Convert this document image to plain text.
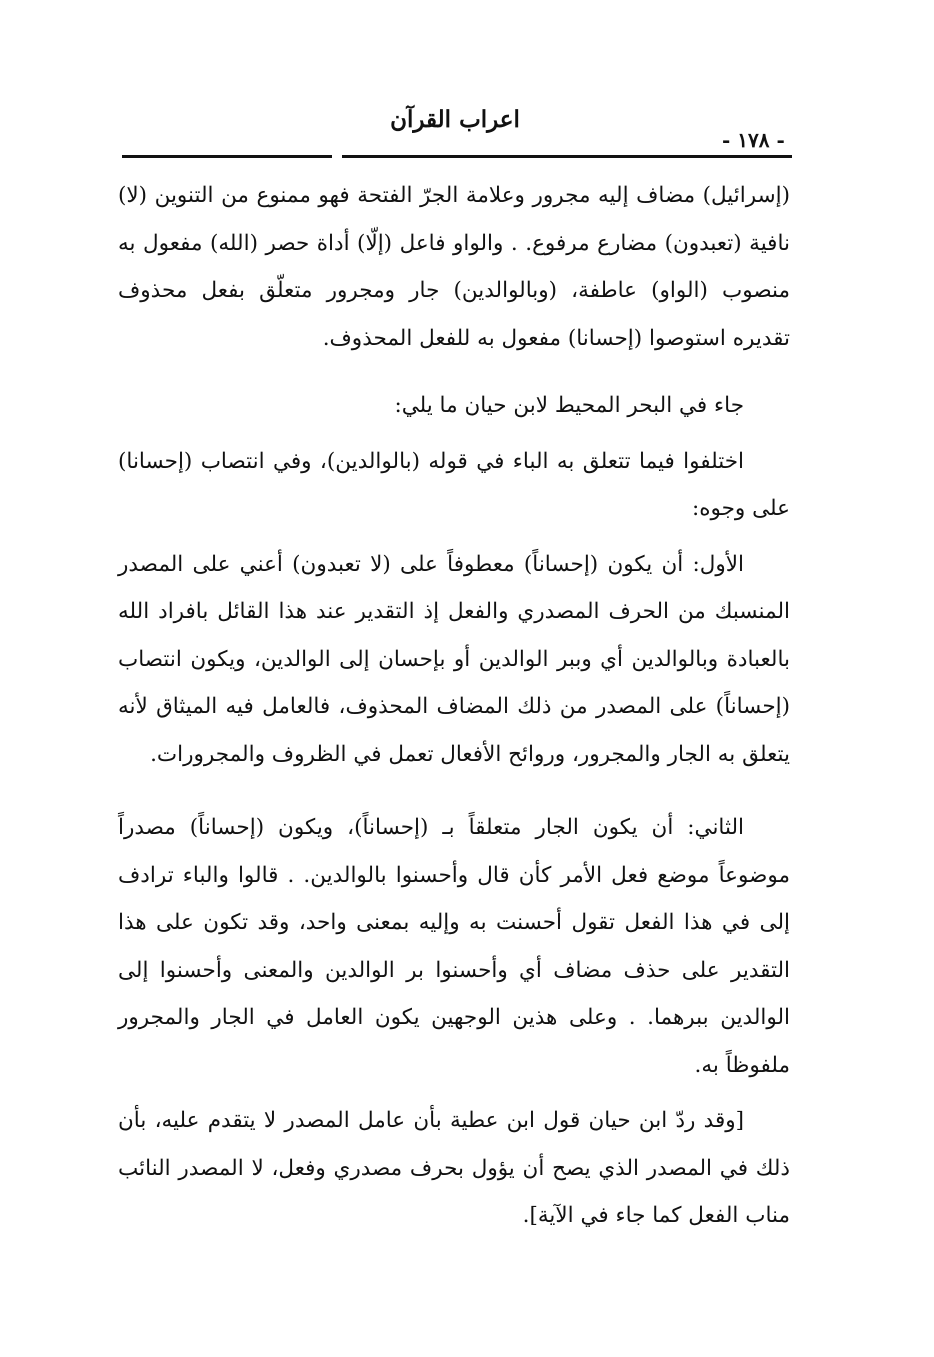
اعراب القرآن
- ١٧٨ -

(إسرائيل) مضاف إليه مجرور وعلامة الجرّ الفتحة فهو ممنوع من التنوين (لا) نافية (تعبدون) مضارع مرفوع. . والواو فاعل (إلّا) أداة حصر (الله) مفعول به منصوب (الواو) عاطفة، (وبالوالدين) جار ومجرور متعلّق بفعل محذوف تقديره استوصوا (إحسانا) مفعول به للفعل المحذوف.

جاء في البحر المحيط لابن حيان ما يلي:

اختلفوا فيما تتعلق به الباء في قوله (بالوالدين)، وفي انتصاب (إحسانا) على وجوه:

الأول: أن يكون (إحساناً) معطوفاً على (لا تعبدون) أعني على المصدر المنسبك من الحرف المصدري والفعل إذ التقدير عند هذا القائل بافراد الله بالعبادة وبالوالدين أي وببر الوالدين أو بإحسان إلى الوالدين، ويكون انتصاب (إحساناً) على المصدر من ذلك المضاف المحذوف، فالعامل فيه الميثاق لأنه يتعلق به الجار والمجرور، وروائح الأفعال تعمل في الظروف والمجرورات.

الثاني: أن يكون الجار متعلقاً بـ (إحساناً)، ويكون (إحساناً) مصدراً موضوعاً موضع فعل الأمر كأن قال وأحسنوا بالوالدين. . قالوا والباء ترادف إلى في هذا الفعل تقول أحسنت به وإليه بمعنى واحد، وقد تكون على هذا التقدير على حذف مضاف أي وأحسنوا بر الوالدين والمعنى وأحسنوا إلى الوالدين ببرهما. . وعلى هذين الوجهين يكون العامل في الجار والمجرور ملفوظاً به.

[وقد ردّ ابن حيان قول ابن عطية بأن عامل المصدر لا يتقدم عليه، بأن ذلك في المصدر الذي يصح أن يؤول بحرف مصدري وفعل، لا المصدر النائب مناب الفعل كما جاء في الآية].
